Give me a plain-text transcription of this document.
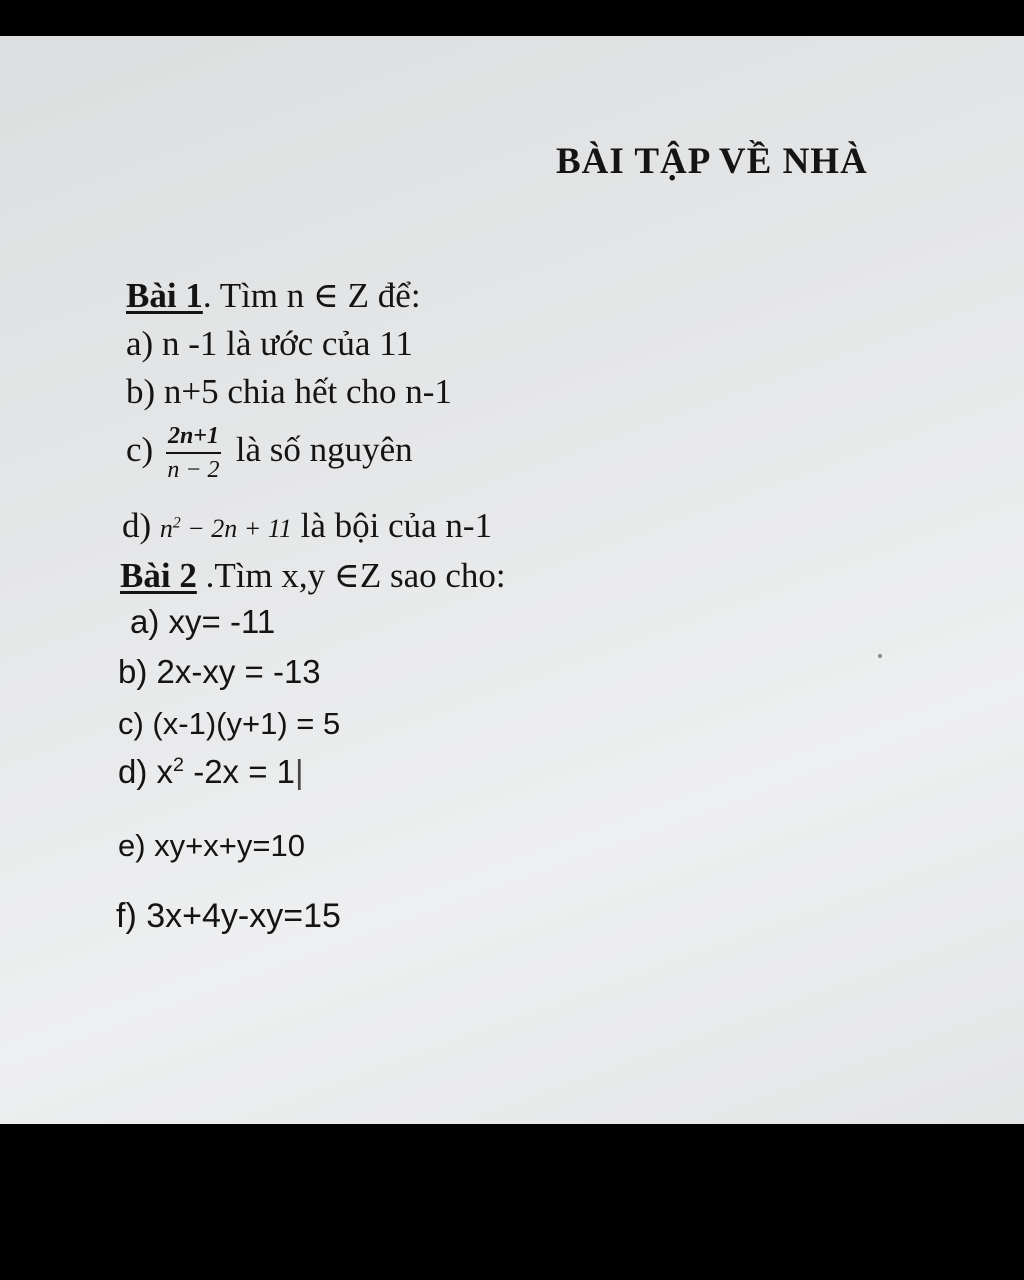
BÀI TẬP VỀ NHÀ
Bài 1. Tìm n ∈ Z để:
a) n -1 là ước của 11
b) n+5 chia hết cho n-1
$c) \frac{2n+1}{n - 2}$ là số nguyên
d) $n^2 - 2n + 11$ là bội của n-1
Bài 2 .Tìm x,y ∈Z sao cho:
a) xy= -11
b) 2x-xy = -13
c) (x-1)(y+1) = 5
d) $x^2$ -2x = 1|
e) xy+x+y=10
f) 3x+4y-xy=15
